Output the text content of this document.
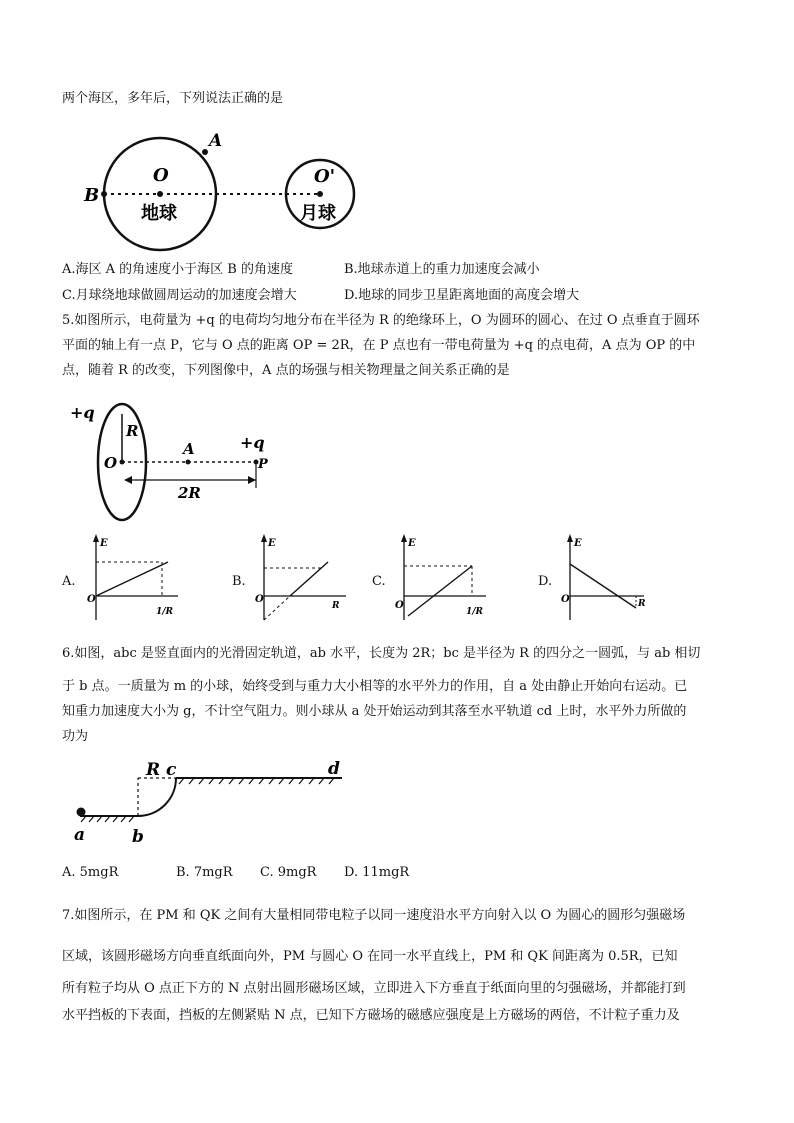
两个海区，多年后，下列说法正确的是
A
B
O	O'
地球	月球
A.海区 A 的角速度小于海区 B 的角速度	B.地球赤道上的重力加速度会减小
C.月球绕地球做圆周运动的加速度会增大	D.地球的同步卫星距离地面的高度会增大
5.如图所示，电荷量为 +q 的电荷均匀地分布在半径为 R 的绝缘环上，O 为圆环的圆心、在过 O 点垂直于圆环
平面的轴上有一点 P，它与 O 点的距离 OP = 2R，在 P 点也有一带电荷量为 +q 的点电荷，A 点为 OP 的中
点，随着 R 的改变，下列图像中，A 点的场强与相关物理量之间关系正确的是
+q
R
O
A	+q
2R
P
A.
E
O
1/R
B.
E
O
R
C.
E
O
1/R
D.
E
O	R
6.如图，abc 是竖直面内的光滑固定轨道，ab 水平，长度为 2R；bc 是半径为 R 的四分之一圆弧，与 ab 相切
于 b 点。一质量为 m 的小球，始终受到与重力大小相等的水平外力的作用，自 a 处由静止开始向右运动。已
知重力加速度大小为 g，不计空气阻力。则小球从 a 处开始运动到其落至水平轨道 cd 上时，水平外力所做的
功为
R c	d
a	b
A. 5mgR	B. 7mgR C. 9mgR D. 11mgR
7.如图所示，在 PM 和 QK 之间有大量相同带电粒子以同一速度沿水平方向射入以 O 为圆心的圆形匀强磁场
区域，该圆形磁场方向垂直纸面向外，PM 与圆心 O 在同一水平直线上，PM 和 QK 间距离为 0.5R，已知
所有粒子均从 O 点正下方的 N 点射出圆形磁场区域，立即进入下方垂直于纸面向里的匀强磁场，并都能打到
水平挡板的下表面，挡板的左侧紧贴 N 点，已知下方磁场的磁感应强度是上方磁场的两倍，不计粒子重力及
